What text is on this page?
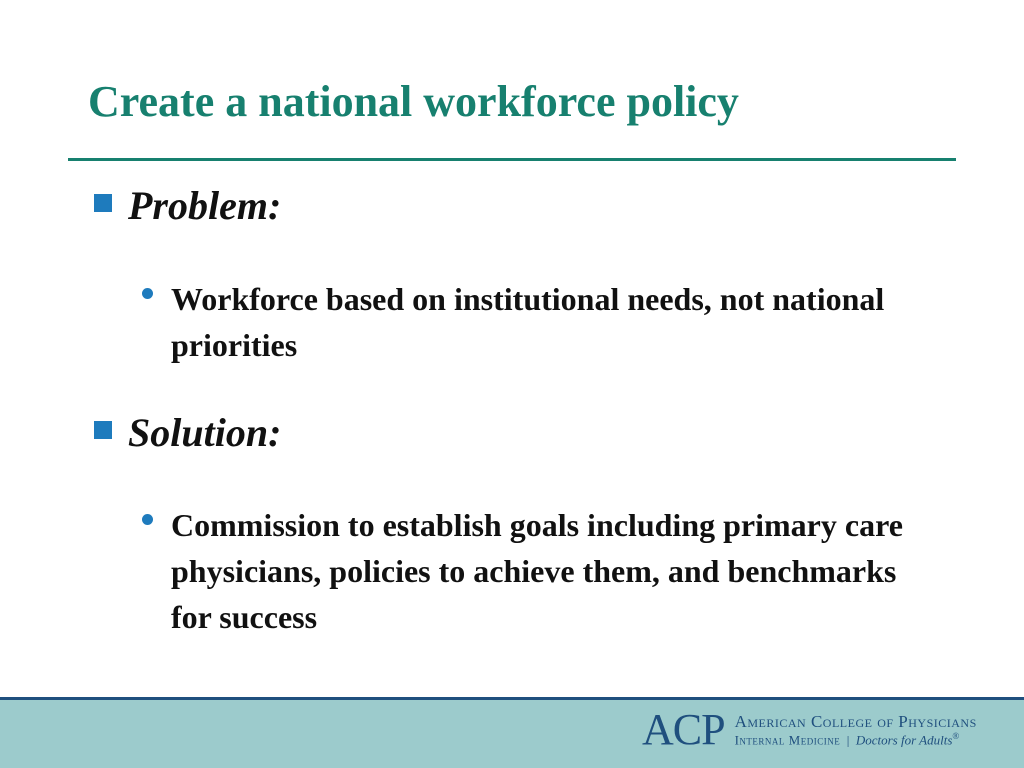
Create a national workforce policy
Problem:

Workforce based on institutional needs, not national priorities

Solution:

Commission to establish goals including primary care physicians, policies to achieve them, and benchmarks for success

ACP American College of Physicians
Internal Medicine  |  Doctors for Adults®
